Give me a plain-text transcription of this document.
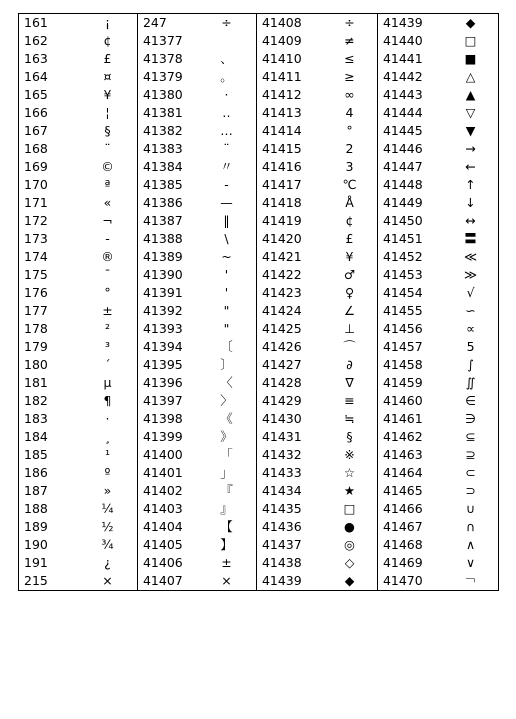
161	¡	247	÷	41408	÷	41439	◆
162	¢	41377		41409	≠	41440	□
163	£	41378	、	41410	≤	41441	■
164	¤	41379	。	41411	≥	41442	△
165	¥	41380	·	41412	∞	41443	▲
166	¦	41381	‥	41413	4	41444	▽
167	§	41382	…	41414	°	41445	▼
168	¨	41383	¨	41415	2	41446	→
169	©	41384	〃	41416	3	41447	←
170	ª	41385	-	41417	℃	41448	↑
171	«	41386	—	41418	Å	41449	↓
172	¬	41387	‖	41419	¢	41450	↔
173	-	41388	\	41420	£	41451	〓
174	®	41389	~	41421	¥	41452	≪
175	¯	41390	'	41422	♂	41453	≫
176	°	41391	'	41423	♀	41454	√
177	±	41392	"	41424	∠	41455	∽
178	²	41393	"	41425	⊥	41456	∝
179	³	41394	〔	41426	⌒	41457	5
180	´	41395	〕	41427	∂	41458	∫
181	µ	41396	〈	41428	∇	41459	∬
182	¶	41397	〉	41429	≡	41460	∈
183	·	41398	《	41430	≒	41461	∋
184	¸	41399	》	41431	§	41462	⊆
185	¹	41400	「	41432	※	41463	⊇
186	º	41401	」	41433	☆	41464	⊂
187	»	41402	『	41434	★	41465	⊃
188	¼	41403	』	41435	□	41466	∪
189	½	41404	【	41436	●	41467	∩
190	¾	41405	】	41437	◎	41468	∧
191	¿	41406	±	41438	◇	41469	∨
215	×	41407	×	41439	◆	41470	￢
